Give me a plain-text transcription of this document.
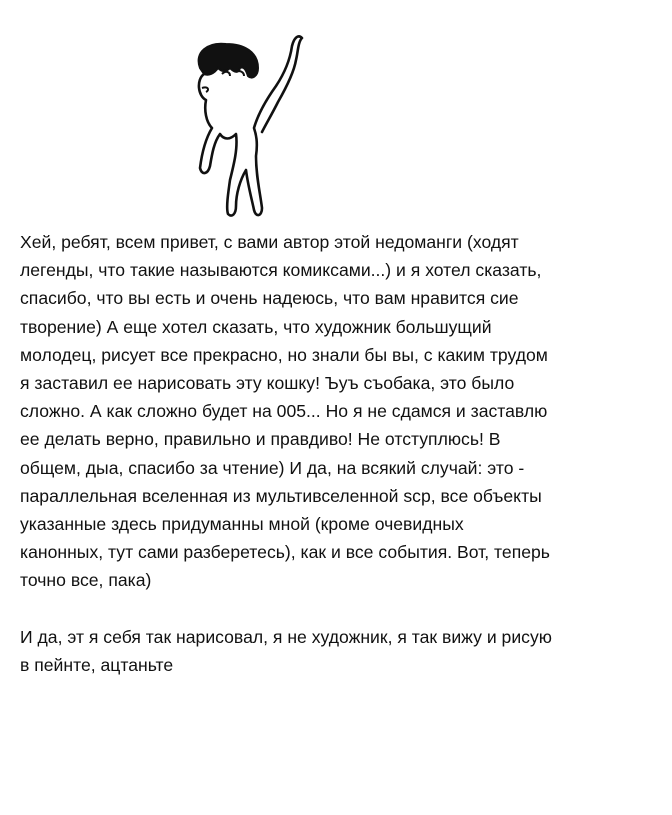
Хей, ребят, всем привет, с вами автор этой недоманги (ходят
легенды, что такие называются комиксами...) и я хотел сказать,
спасибо, что вы есть и очень надеюсь, что вам нравится сие
творение) А еще хотел сказать, что художник большущий
молодец, рисует все прекрасно, но знали бы вы, с каким трудом
я заставил ее нарисовать эту кошку! Ъуъ съобака, это было
сложно. А как сложно будет на 005... Но я не сдамся и заставлю
ее делать верно, правильно и правдиво! Не отступлюсь! В
общем, дыа, спасибо за чтение) И да, на всякий случай: это -
параллельная вселенная из мультивселенной scp, все объекты
указанные здесь придуманны мной (кроме очевидных
канонных, тут сами разберетесь), как и все события. Вот, теперь
точно все, пака)
И да, эт я себя так нарисовал, я не художник, я так вижу и рисую
в пейнте, ацтаньте
